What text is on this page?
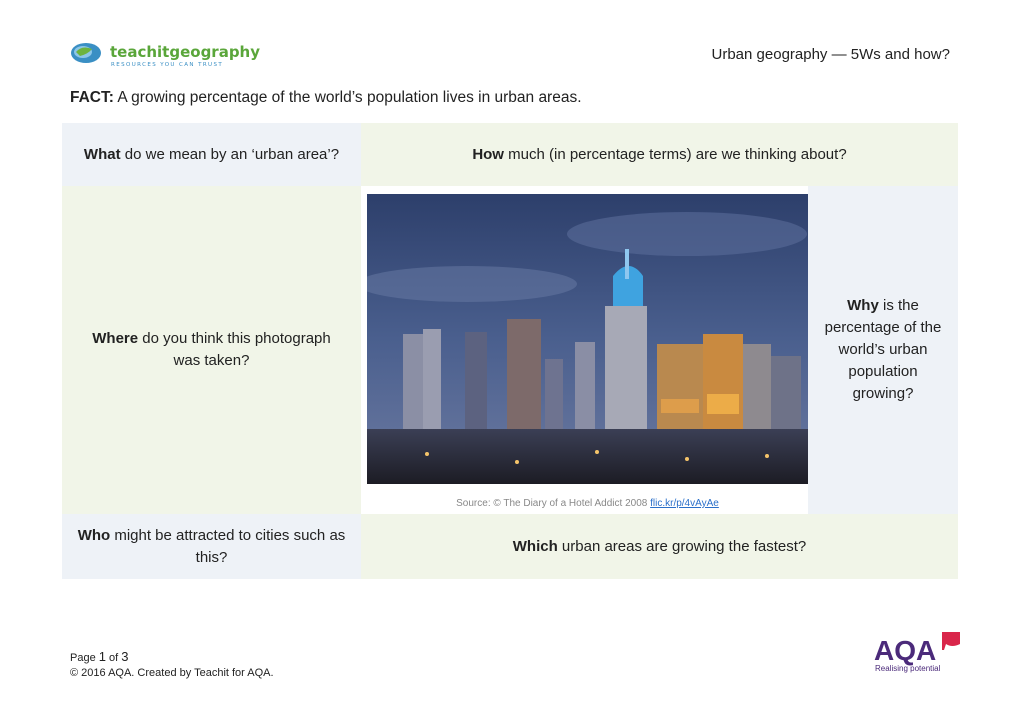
teachitgeography
RESOURCES YOU CAN TRUST
Urban geography — 5Ws and how?
FACT: A growing percentage of the world’s population lives in urban areas.
What do we mean by an ‘urban area’?	How much (in percentage terms) are we thinking about?
Where do you think this photograph was taken?
Source: © The Diary of a Hotel Addict 2008 flic.kr/p/4vAyAe
Why is the percentage of the world’s urban population growing?
Who might be attracted to cities such as this?
Which urban areas are growing the fastest?
Page 1 of 3
© 2016 AQA. Created by Teachit for AQA.
AQA
Realising potential
